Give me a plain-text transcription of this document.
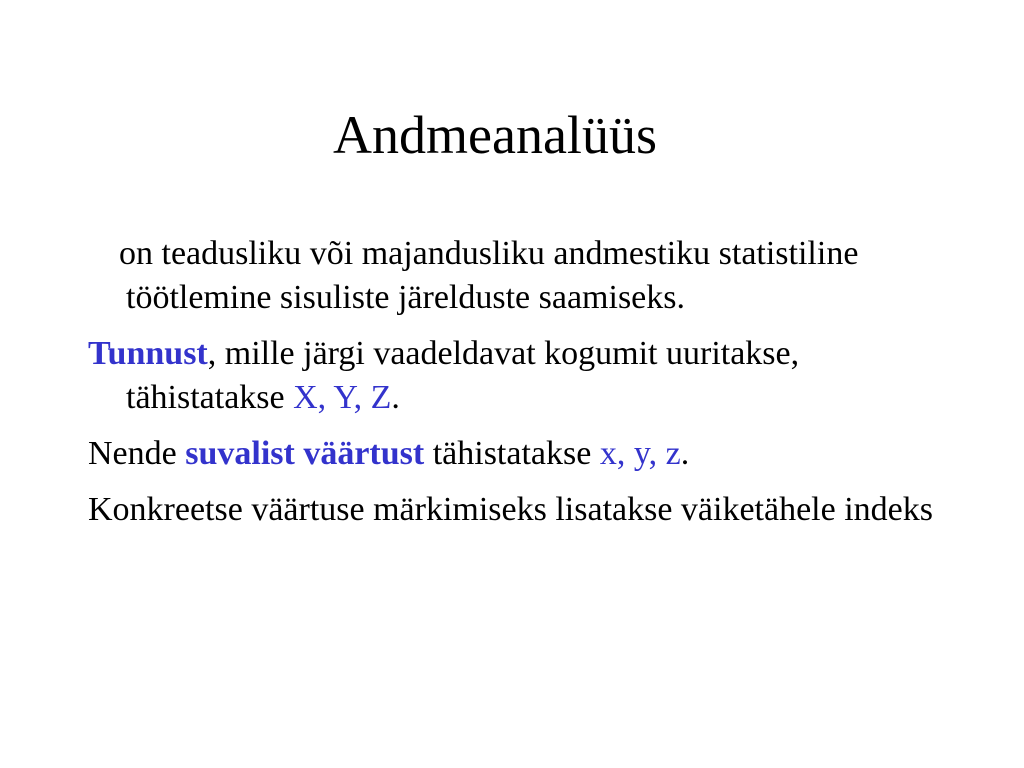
Andmeanalüüs

on teadusliku või majandusliku andmestiku statistiline töötlemine sisuliste järelduste saamiseks.

Tunnust, mille järgi vaadeldavat kogumit uuritakse, tähistatakse X, Y, Z.

Nende suvalist väärtust tähistatakse x, y, z.

Konkreetse väärtuse märkimiseks lisatakse väiketähele indeks
